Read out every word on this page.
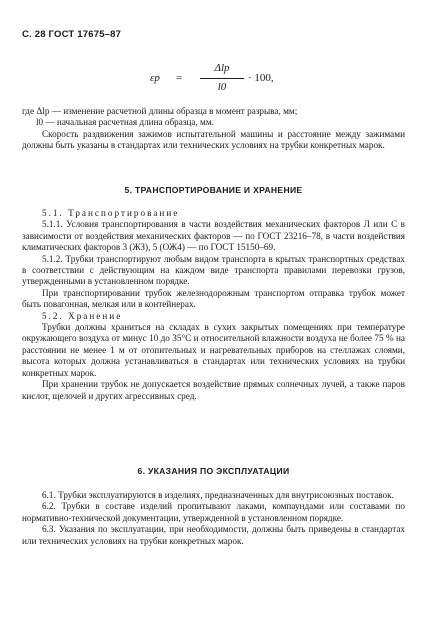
С. 28 ГОСТ 17675–87
εp =
Δlp
l0
· 100,

где Δlp — изменение расчетной длины образца в момент разрыва, мм;

l0 — начальная расчетная длина образца, мм.

Скорость раздвижения зажимов испытательной машины и расстояние между зажимами должны быть указаны в стандартах или технических условиях на трубки конкретных марок.

5. ТРАНСПОРТИРОВАНИЕ И ХРАНЕНИЕ

5.1. Транспортирование

5.1.1. Условия транспортирования в части воздействия механических факторов Л или С в зависимости от воздействия механических факторов — по ГОСТ 23216–78, в части воздействия климатических факторов 3 (ЖЗ), 5 (ОЖ4) — по ГОСТ 15150–69.

5.1.2. Трубки транспортируют любым видом транспорта в крытых транспортных средствах в соответствии с действующим на каждом виде транспорта правилами перевозки грузов, утвержденными в установленном порядке.

При транспортировании трубок железнодорожным транспортом отправка трубок может быть повагонная, мелкая или в контейнерах.

5.2. Хранение

Трубки должны храниться на складах в сухих закрытых помещениях при температуре окружающего воздуха от минус 10 до 35°С и относительной влажности воздуха не более 75 % на расстоянии не менее 1 м от отопительных и нагревательных приборов на стеллажах слоями, высота которых должна устанавливаться в стандартах или технических условиях на трубки конкретных марок.

При хранении трубок не допускается воздействие прямых солнечных лучей, а также паров кислот, щелочей и других агрессивных сред.

6. УКАЗАНИЯ ПО ЭКСПЛУАТАЦИИ

6.1. Трубки эксплуатируются в изделиях, предназначенных для внутрисоюзных поставок.

6.2. Трубки в составе изделий пропитывают лаками, компаундами или составами по нормативно-технической документации, утвержденной в установленном порядке.

6.3. Указания по эксплуатации, при необходимости, должны быть приведены в стандартах или технических условиях на трубки конкретных марок.
